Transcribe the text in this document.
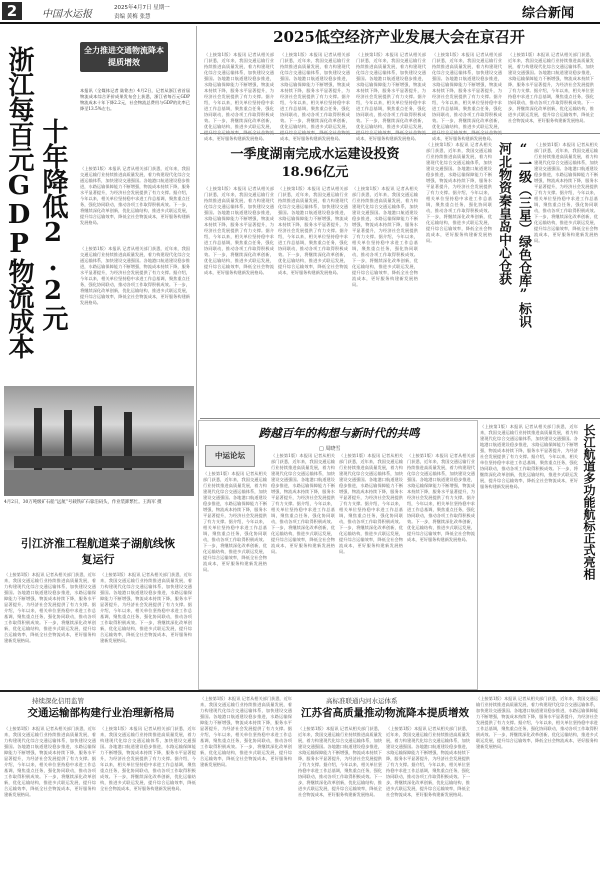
2	中国水运报
2025年4月7日 星期一
责编 黄梅 张慧	综合新闻
全力推进交通物流降本提质增效
浙江每百元GDP物流成本 十年降低2.2元
本报讯（全媒体记者 陆铭杰）4月2日，记者从浙江省首届物流成本综合评价成果发布会上获悉，浙江省每百元GDP物流成本十年下降2.2元，社会物流总费用与GDP的比率已降至13.5%左右。
（上接第1版）本报讯 记者从相关部门获悉，近年来，我国交通运输行业持续推进高质量发展，着力构建现代化综合交通运输体系，加快建设交通强国。各地港口航道建设稳步推进，水路运输保障能力不断增强，物流成本持续下降，服务水平显著提升，为经济社会发展提供了有力支撑。据介绍，今年以来，相关单位坚持稳中求进工作总基调，聚焦重点任务，强化协同联动，推动各项工作取得积极成效。下一步，将继续深化改革创新，优化运输结构，推进多式联运发展，提升综合运输效率，降低全社会物流成本，更好服务构建新发展格局。
（上接第1版）本报讯 记者从相关部门获悉，近年来，我国交通运输行业持续推进高质量发展，着力构建现代化综合交通运输体系，加快建设交通强国。各地港口航道建设稳步推进，水路运输保障能力不断增强，物流成本持续下降，服务水平显著提升，为经济社会发展提供了有力支撑。据介绍，今年以来，相关单位坚持稳中求进工作总基调，聚焦重点任务，强化协同联动，推动各项工作取得积极成效。下一步，将继续深化改革创新，优化运输结构，推进多式联运发展，提升综合运输效率，降低全社会物流成本，更好服务构建新发展格局。
2025低空经济产业发展大会在京召开
（上接第1版）本报讯 记者从相关部门获悉，近年来，我国交通运输行业持续推进高质量发展，着力构建现代化综合交通运输体系，加快建设交通强国。各地港口航道建设稳步推进，水路运输保障能力不断增强，物流成本持续下降，服务水平显著提升，为经济社会发展提供了有力支撑。据介绍，今年以来，相关单位坚持稳中求进工作总基调，聚焦重点任务，强化协同联动，推动各项工作取得积极成效。下一步，将继续深化改革创新，优化运输结构，推进多式联运发展， 成本，更好服务构建新发展格局。
（上接第1版）本报讯 记者从相关部门获悉，近年来，我国交通运输行业持续推进高质量发展，着力构建现代化综合交通运输体系，加快建设交通强国。各地港口航道建设稳步推进，水路运输保障能力不断增强，物流成本持续下降，服务水平显著提升，为经济社会发展提供了有力支撑。据介绍，今年以来，相关单位坚持稳中求进工作总基调，聚焦重点任务，强化协同联动，推动各项工作取得积极成效。下一步，将继续深化改革创新，优化运输结构，推进多式联运发展， 成本，更好服务构建新发展格局。
（上接第1版）本报讯 记者从相关部门获悉，近年来，我国交通运输行业持续推进高质量发展，着力构建现代化综合交通运输体系，加快建设交通强国。各地港口航道建设稳步推进，水路运输保障能力不断增强，物流成本持续下降，服务水平显著提升，为经济社会发展提供了有力支撑。据介绍，今年以来，相关单位坚持稳中求进工作总基调，聚焦重点任务，强化协同联动，推动各项工作取得积极成效。下一步，将继续深化改革创新，优化运输结构，推进多式联运发展， 成本，更好服务构建新发展格局。
（上接第1版）本报讯 记者从相关部门获悉，近年来，我国交通运输行业持续推进高质量发展，着力构建现代化综合交通运输体系，加快建设交通强国。各地港口航道建设稳步推进，水路运输保障能力不断增强，物流成本持续下降，服务水平显著提升，为经济社会发展提供了有力支撑。据介绍，今年以来，相关单位坚持稳中求进工作总基调，聚焦重点任务，强化协同联动，推动各项工作取得积极成效。下一步，将继续深化改革创新，优化运输结构，推进多式联运发展， 成本，更好服务构建新发展格局。
（上接第1版）本报讯 记者从相关部门获悉，近年来，我国交通运输行业持续推进高质量发展，着力构建现代化综合交通运输体系，加快建设交通强国。各地港口航道建设稳步推进，水路运输保障能力不断增强，物流成本持续下降，服务水平显著提升，为经济社会发展提供了有力支撑。据介绍，今年以来，相关单位坚持稳中求进工作总基调，聚焦重点任务，强化协同联动，推动各项工作取得积极成效。下一步，将继续深化改革创新，优化运输结构，推进多式联运发展，提升综合运输效率，降低全社会物流成本，更好服务构建新发展格局。
一季度湖南完成水运建设投资18.96亿元
（上接第1版）本报讯 记者从相关部门获悉，近年来，我国交通运输行业持续推进高质量发展，着力构建现代化综合交通运输体系，加快建设交通强国。各地港口航道建设稳步推进，水路运输保障能力不断增强，物流成本持续下降，服务水平显著提升，为经济社会发展提供了有力支撑。据介绍，今年以来，相关单位坚持稳中求进工作总基调，聚焦重点任务，强化协同联动，推动各项工作取得积极成效。下一步，将继续深化改革创新，优化运输结构，推进多式联运发展，提升综合运输效率，降低全社会物流成本，更好服务构建新发展格局。
（上接第1版）本报讯 记者从相关部门获悉，近年来，我国交通运输行业持续推进高质量发展，着力构建现代化综合交通运输体系，加快建设交通强国。各地港口航道建设稳步推进，水路运输保障能力不断增强，物流成本持续下降，服务水平显著提升，为经济社会发展提供了有力支撑。据介绍，今年以来，相关单位坚持稳中求进工作总基调，聚焦重点任务，强化协同联动，推动各项工作取得积极成效。下一步，将继续深化改革创新，优化运输结构，推进多式联运发展，提升综合运输效率，降低全社会物流成本，更好服务构建新发展格局。
（上接第1版）本报讯 记者从相关部门获悉，近年来，我国交通运输行业持续推进高质量发展，着力构建现代化综合交通运输体系，加快建设交通强国。各地港口航道建设稳步推进，水路运输保障能力不断增强，物流成本持续下降，服务水平显著提升，为经济社会发展提供了有力支撑。据介绍，今年以来，相关单位坚持稳中求进工作总基调，聚焦重点任务，强化协同联动，推动各项工作取得积极成效。下一步，将继续深化改革创新，优化运输结构，推进多式联运发展，提升综合运输效率，降低全社会物流成本，更好服务构建新发展格局。
（上接第1版）本报讯 记者从相关部门获悉，近年来，我国交通运输行业持续推进高质量发展，着力构建现代化综合交通运输体系，加快建设交通强国。各地港口航道建设稳步推进，水路运输保障能力不断增强，物流成本持续下降，服务水平显著提升，为经济社会发展提供了有力支撑。据介绍，今年以来，相关单位坚持稳中求进工作总基调，聚焦重点任务，强化协同联动，推动各项工作取得积极成效。下一步，将继续深化改革创新，优化运输结构，推进多式联运发展，提升综合运输效率，降低全社会物流成本，更好服务构建新发展格局。	河北物资秦皇岛中心仓获 “一级（三星）绿色仓库”标识 （上接第1版）本报讯 记者从相关部门获悉，近年来，我国交通运输行业持续推进高质量发展，着力构建现代化综合交通运输体系，加快建设交通强国。各地港口航道建设稳步推进，水路运输保障能力不断增强，物流成本持续下降，服务水平显著提升，为经济社会发展提供了有力支撑。据介绍，今年以来，相关单位坚持稳中求进工作总基调，聚焦重点任务，强化协同联动，推动各项工作取得积极成效。下一步，将继续深化改革创新，优化运输结构，推进多式联运发展，提升综合运输效率，降低全社会物流成本，更好服务构建新发展格局。
4月2日，30万吨级矿石船“远航”号载铁矿石靠泊码头，作业装卸繁忙。王海军 摄
（上接第1版）本报讯 记者从相关部门获悉，近年来，我国交通运输行业持续推进高质量发展，着力构建现代化综合交通运输体系，加快建设交通强国。各地港口航道建设稳步推进，水路运输保障能力不断增强，物流成本持续下降，服务水平显著提升，为经济社会发展提供了有力支撑。据介绍，今年以来，相关单位坚持稳中求进工作总基调，聚焦重点任务，强化协同联动，推动各项工作取得积极成效。下一步，将继续深化改革创新，优化运输结构，推进多式联运发展，提升综合运输效率，降低全社会物流成本，更好服务构建新发展格局。	长江航道多功能航标正式亮相
跨越百年的构想与新时代的共鸣
中运论坛
□ 周晓雪
（上接第1版）本报讯 记者从相关部门获悉，近年来，我国交通运输行业持续推进高质量发展，着力构建现代化综合交通运输体系，加快建设交通强国。各地港口航道建设稳步推进，水路运输保障能力不断增强，物流成本持续下降，服务水平显著提升，为经济社会发展提供了有力支撑。据介绍，今年以来，相关单位坚持稳中求进工作总基调，聚焦重点任务，强化协同联动，推动各项工作取得积极成效。下一步，将继续深化改革创新，优化运输结构，推进多式联运发展，提升综合运输效率，降低全社会物流成本，更好服务构建新发展格局。
（上接第1版）本报讯 记者从相关部门获悉，近年来，我国交通运输行业持续推进高质量发展，着力构建现代化综合交通运输体系，加快建设交通强国。各地港口航道建设稳步推进，水路运输保障能力不断增强，物流成本持续下降，服务水平显著提升，为经济社会发展提供了有力支撑。据介绍，今年以来，相关单位坚持稳中求进工作总基调，聚焦重点任务，强化协同联动，推动各项工作取得积极成效。下一步，将继续深化改革创新，优化运输结构，推进多式联运发展，提升综合运输效率，降低全社会物流成本，更好服务构建新发展格局。
（上接第1版）本报讯 记者从相关部门获悉，近年来，我国交通运输行业持续推进高质量发展，着力构建现代化综合交通运输体系，加快建设交通强国。各地港口航道建设稳步推进，水路运输保障能力不断增强，物流成本持续下降，服务水平显著提升，为经济社会发展提供了有力支撑。据介绍，今年以来，相关单位坚持稳中求进工作总基调，聚焦重点任务，强化协同联动，推动各项工作取得积极成效。下一步，将继续深化改革创新，优化运输结构，推进多式联运发展，提升综合运输效率，降低全社会物流成本，更好服务构建新发展格局。
（上接第1版）本报讯 记者从相关部门获悉，近年来，我国交通运输行业持续推进高质量发展，着力构建现代化综合交通运输体系，加快建设交通强国。各地港口航道建设稳步推进，水路运输保障能力不断增强，物流成本持续下降，服务水平显著提升，为经济社会发展提供了有力支撑。据介绍，今年以来，相关单位坚持稳中求进工作总基调，聚焦重点任务，强化协同联动，推动各项工作取得积极成效。下一步，将继续深化改革创新，优化运输结构，推进多式联运发展，提升综合运输效率，降低全社会物流成本，更好服务构建新发展格局。
引江济淮工程航道菜子湖航线恢复运行
（上接第1版）本报讯 记者从相关部门获悉，近年来，我国交通运输行业持续推进高质量发展，着力构建现代化综合交通运输体系，加快建设交通强国。各地港口航道建设稳步推进，水路运输保障能力不断增强，物流成本持续下降，服务水平显著提升，为经济社会发展提供了有力支撑。据介绍，今年以来，相关单位坚持稳中求进工作总基调，聚焦重点任务，强化协同联动，推动各项工作取得积极成效。下一步，将继续深化改革创新，优化运输结构，推进多式联运发展，提升综合运输效率，降低全社会物流成本，更好服务构建新发展格局。
（上接第1版）本报讯 记者从相关部门获悉，近年来，我国交通运输行业持续推进高质量发展，着力构建现代化综合交通运输体系，加快建设交通强国。各地港口航道建设稳步推进，水路运输保障能力不断增强，物流成本持续下降，服务水平显著提升，为经济社会发展提供了有力支撑。据介绍，今年以来，相关单位坚持稳中求进工作总基调，聚焦重点任务，强化协同联动，推动各项工作取得积极成效。下一步，将继续深化改革创新，优化运输结构，推进多式联运发展，提升综合运输效率，降低全社会物流成本，更好服务构建新发展格局。
持续深化信用监管
交通运输部构建行业治理新格局
（上接第1版）本报讯 记者从相关部门获悉，近年来，我国交通运输行业持续推进高质量发展，着力构建现代化综合交通运输体系，加快建设交通强国。各地港口航道建设稳步推进，水路运输保障能力不断增强，物流成本持续下降，服务水平显著提升，为经济社会发展提供了有力支撑。据介绍，今年以来，相关单位坚持稳中求进工作总基调，聚焦重点任务，强化协同联动，推动各项工作取得积极成效。下一步，将继续深化改革创新，优化运输结构，推进多式联运发展，提升综合运输效率，降低全社会物流成本，更好服务构建新发展格局。
（上接第1版）本报讯 记者从相关部门获悉，近年来，我国交通运输行业持续推进高质量发展，着力构建现代化综合交通运输体系，加快建设交通强国。各地港口航道建设稳步推进，水路运输保障能力不断增强，物流成本持续下降，服务水平显著提升，为经济社会发展提供了有力支撑。据介绍，今年以来，相关单位坚持稳中求进工作总基调，聚焦重点任务，强化协同联动，推动各项工作取得积极成效。下一步，将继续深化改革创新，优化运输结构，推进多式联运发展，提升综合运输效率，降低全社会物流成本，更好服务构建新发展格局。
（上接第1版）本报讯 记者从相关部门获悉，近年来，我国交通运输行业持续推进高质量发展，着力构建现代化综合交通运输体系，加快建设交通强国。各地港口航道建设稳步推进，水路运输保障能力不断增强，物流成本持续下降，服务水平显著提升，为经济社会发展提供了有力支撑。据介绍，今年以来，相关单位坚持稳中求进工作总基调，聚焦重点任务，强化协同联动，推动各项工作取得积极成效。下一步，将继续深化改革创新，优化运输结构，推进多式联运发展，提升综合运输效率，降低全社会物流成本，更好服务构建新发展格局。
高标准联通内河水运体系
江苏省高质量推动物流降本提质增效
（上接第1版）本报讯 记者从相关部门获悉，近年来，我国交通运输行业持续推进高质量发展，着力构建现代化综合交通运输体系，加快建设交通强国。各地港口航道建设稳步推进，水路运输保障能力不断增强，物流成本持续下降，服务水平显著提升，为经济社会发展提供了有力支撑。据介绍，今年以来，相关单位坚持稳中求进工作总基调，聚焦重点任务，强化协同联动，推动各项工作取得积极成效。下一步，将继续深化改革创新，优化运输结构，推进多式联运发展，提升综合运输效率，降低全社会物流成本，更好服务构建新发展格局。
（上接第1版）本报讯 记者从相关部门获悉，近年来，我国交通运输行业持续推进高质量发展，着力构建现代化综合交通运输体系，加快建设交通强国。各地港口航道建设稳步推进，水路运输保障能力不断增强，物流成本持续下降，服务水平显著提升，为经济社会发展提供了有力支撑。据介绍，今年以来，相关单位坚持稳中求进工作总基调，聚焦重点任务，强化协同联动，推动各项工作取得积极成效。下一步，将继续深化改革创新，优化运输结构，推进多式联运发展，提升综合运输效率，降低全社会物流成本，更好服务构建新发展格局。
（上接第1版）本报讯 记者从相关部门获悉，近年来，我国交通运输行业持续推进高质量发展，着力构建现代化综合交通运输体系，加快建设交通强国。各地港口航道建设稳步推进，水路运输保障能力不断增强，物流成本持续下降，服务水平显著提升，为经济社会发展提供了有力支撑。据介绍，今年以来，相关单位坚持稳中求进工作总基调，聚焦重点任务，强化协同联动，推动各项工作取得积极成效。下一步，将继续深化改革创新，优化运输结构，推进多式联运发展，提升综合运输效率，降低全社会物流成本，更好服务构建新发展格局。
